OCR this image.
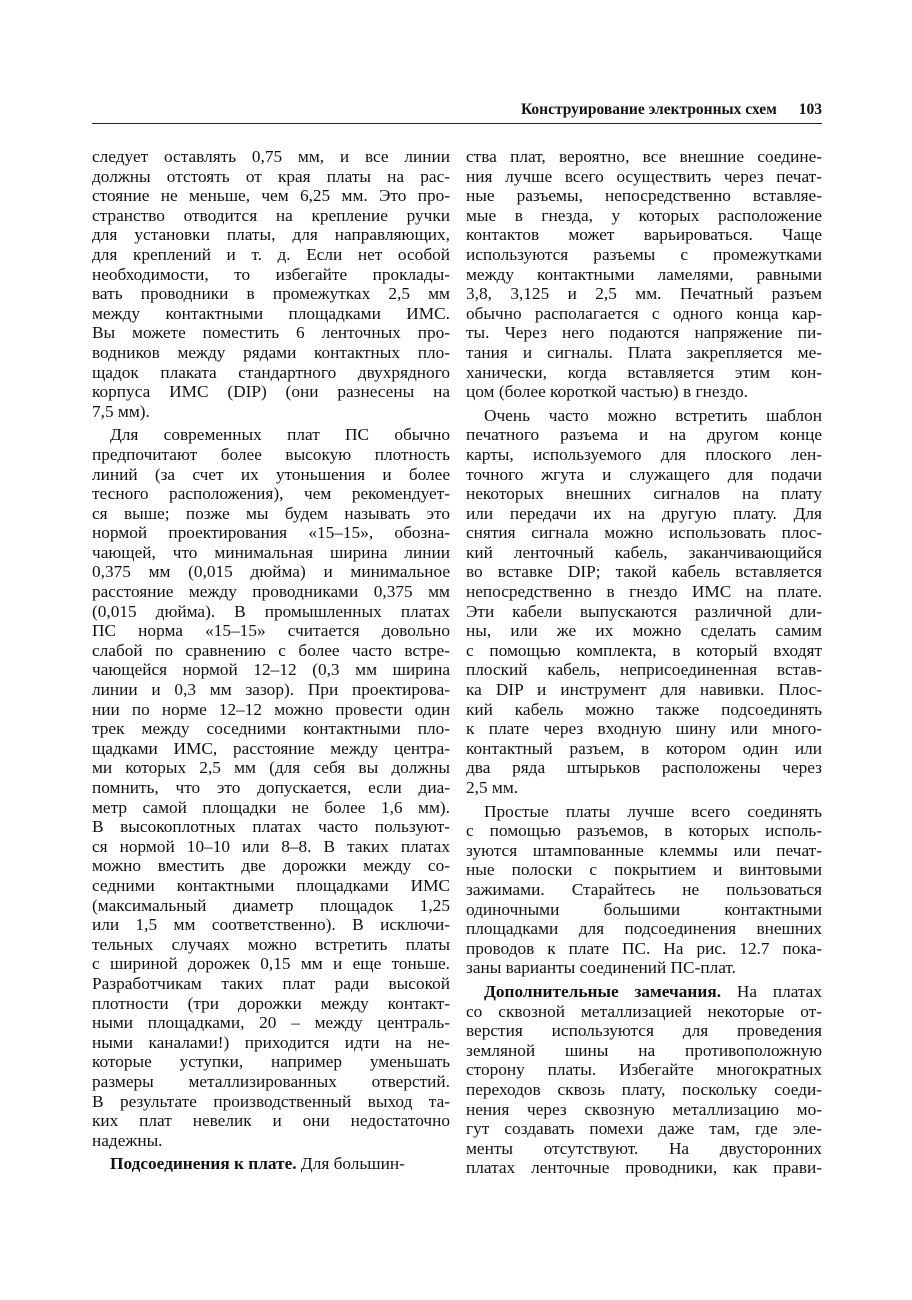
Конструирование электронных схем 103
следует оставлять 0,75 мм, и все линии
должны отстоять от края платы на рас-
стояние не меньше, чем 6,25 мм. Это про-
странство отводится на крепление ручки
для установки платы, для направляющих,
для креплений и т. д. Если нет особой
необходимости, то избегайте проклады-
вать проводники в промежутках 2,5 мм
между контактными площадками ИМС.
Вы можете поместить 6 ленточных про-
водников между рядами контактных пло-
щадок плаката стандартного двухрядного
корпуса ИМС (DIP) (они разнесены на
7,5 мм).
Для современных плат ПС обычно
предпочитают более высокую плотность
линий (за счет их утоньшения и более
тесного расположения), чем рекомендует-
ся выше; позже мы будем называть это
нормой проектирования «15–15», обозна-
чающей, что минимальная ширина линии
0,375 мм (0,015 дюйма) и минимальное
расстояние между проводниками 0,375 мм
(0,015 дюйма). В промышленных платах
ПС норма «15–15» считается довольно
слабой по сравнению с более часто встре-
чающейся нормой 12–12 (0,3 мм ширина
линии и 0,3 мм зазор). При проектирова-
нии по норме 12–12 можно провести один
трек между соседними контактными пло-
щадками ИМС, расстояние между центра-
ми которых 2,5 мм (для себя вы должны
помнить, что это допускается, если диа-
метр самой площадки не более 1,6 мм).
В высокоплотных платах часто пользуют-
ся нормой 10–10 или 8–8. В таких платах
можно вместить две дорожки между со-
седними контактными площадками ИМС
(максимальный диаметр площадок 1,25
или 1,5 мм соответственно). В исключи-
тельных случаях можно встретить платы
с шириной дорожек 0,15 мм и еще тоньше.
Разработчикам таких плат ради высокой
плотности (три дорожки между контакт-
ными площадками, 20 – между централь-
ными каналами!) приходится идти на не-
которые уступки, например уменьшать
размеры металлизированных отверстий.
В результате производственный выход та-
ких плат невелик и они недостаточно
надежны.
Подсоединения к плате. Для большин-
ства плат, вероятно, все внешние соедине-
ния лучше всего осуществить через печат-
ные разъемы, непосредственно вставляе-
мые в гнезда, у которых расположение
контактов может варьироваться. Чаще
используются разъемы с промежутками
между контактными ламелями, равными
3,8, 3,125 и 2,5 мм. Печатный разъем
обычно располагается с одного конца кар-
ты. Через него подаются напряжение пи-
тания и сигналы. Плата закрепляется ме-
ханически, когда вставляется этим кон-
цом (более короткой частью) в гнездо.
Очень часто можно встретить шаблон
печатного разъема и на другом конце
карты, используемого для плоского лен-
точного жгута и служащего для подачи
некоторых внешних сигналов на плату
или передачи их на другую плату. Для
снятия сигнала можно использовать плос-
кий ленточный кабель, заканчивающийся
во вставке DIP; такой кабель вставляется
непосредственно в гнездо ИМС на плате.
Эти кабели выпускаются различной дли-
ны, или же их можно сделать самим
с помощью комплекта, в который входят
плоский кабель, неприсоединенная встав-
ка DIP и инструмент для навивки. Плос-
кий кабель можно также подсоединять
к плате через входную шину или много-
контактный разъем, в котором один или
два ряда штырьков расположены через
2,5 мм.
Простые платы лучше всего соединять
с помощью разъемов, в которых исполь-
зуются штампованные клеммы или печат-
ные полоски с покрытием и винтовыми
зажимами. Старайтесь не пользоваться
одиночными большими контактными
площадками для подсоединения внешних
проводов к плате ПС. На рис. 12.7 пока-
заны варианты соединений ПС-плат.
Дополнительные замечания. На платах
со сквозной металлизацией некоторые от-
верстия используются для проведения
земляной шины на противоположную
сторону платы. Избегайте многократных
переходов сквозь плату, поскольку соеди-
нения через сквозную металлизацию мо-
гут создавать помехи даже там, где эле-
менты отсутствуют. На двусторонних
платах ленточные проводники, как прави-
